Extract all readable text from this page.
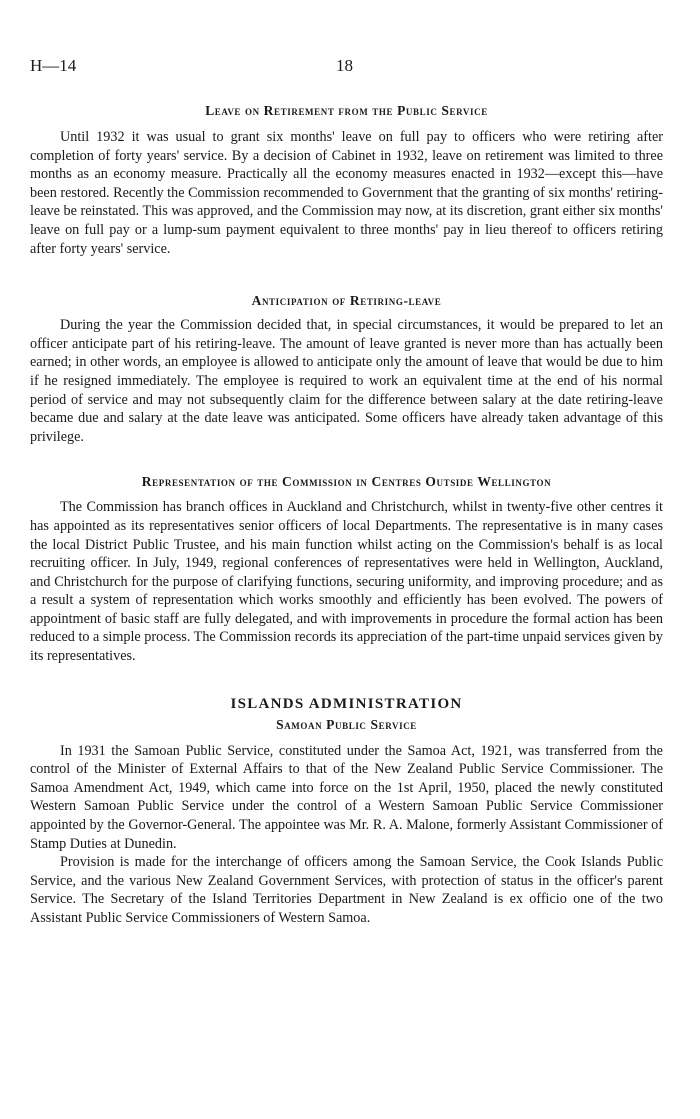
H—14	18
Leave on Retirement from the Public Service

Until 1932 it was usual to grant six months' leave on full pay to officers who were retiring after completion of forty years' service. By a decision of Cabinet in 1932, leave on retirement was limited to three months as an economy measure. Practically all the economy measures enacted in 1932—except this—have been restored. Recently the Commission recommended to Government that the granting of six months' retiring-leave be reinstated. This was approved, and the Commission may now, at its discretion, grant either six months' leave on full pay or a lump-sum payment equivalent to three months' pay in lieu thereof to officers retiring after forty years' service.

Anticipation of Retiring-leave

During the year the Commission decided that, in special circumstances, it would be prepared to let an officer anticipate part of his retiring-leave. The amount of leave granted is never more than has actually been earned; in other words, an employee is allowed to anticipate only the amount of leave that would be due to him if he resigned immediately. The employee is required to work an equivalent time at the end of his normal period of service and may not subsequently claim for the difference between salary at the date retiring-leave became due and salary at the date leave was anticipated. Some officers have already taken advantage of this privilege.

Representation of the Commission in Centres Outside Wellington

The Commission has branch offices in Auckland and Christchurch, whilst in twenty-five other centres it has appointed as its representatives senior officers of local Departments. The representative is in many cases the local District Public Trustee, and his main function whilst acting on the Commission's behalf is as local recruiting officer. In July, 1949, regional conferences of representatives were held in Wellington, Auckland, and Christchurch for the purpose of clarifying functions, securing uniformity, and improving procedure; and as a result a system of representation which works smoothly and efficiently has been evolved. The powers of appointment of basic staff are fully delegated, and with improvements in procedure the formal action has been reduced to a simple process. The Commission records its appreciation of the part-time unpaid services given by its representatives.

ISLANDS ADMINISTRATION
Samoan Public Service

In 1931 the Samoan Public Service, constituted under the Samoa Act, 1921, was transferred from the control of the Minister of External Affairs to that of the New Zealand Public Service Commissioner. The Samoa Amendment Act, 1949, which came into force on the 1st April, 1950, placed the newly constituted Western Samoan Public Service under the control of a Western Samoan Public Service Commissioner appointed by the Governor-General. The appointee was Mr. R. A. Malone, formerly Assistant Commissioner of Stamp Duties at Dunedin.

Provision is made for the interchange of officers among the Samoan Service, the Cook Islands Public Service, and the various New Zealand Government Services, with protection of status in the officer's parent Service. The Secretary of the Island Territories Department in New Zealand is ex officio one of the two Assistant Public Service Commissioners of Western Samoa.
